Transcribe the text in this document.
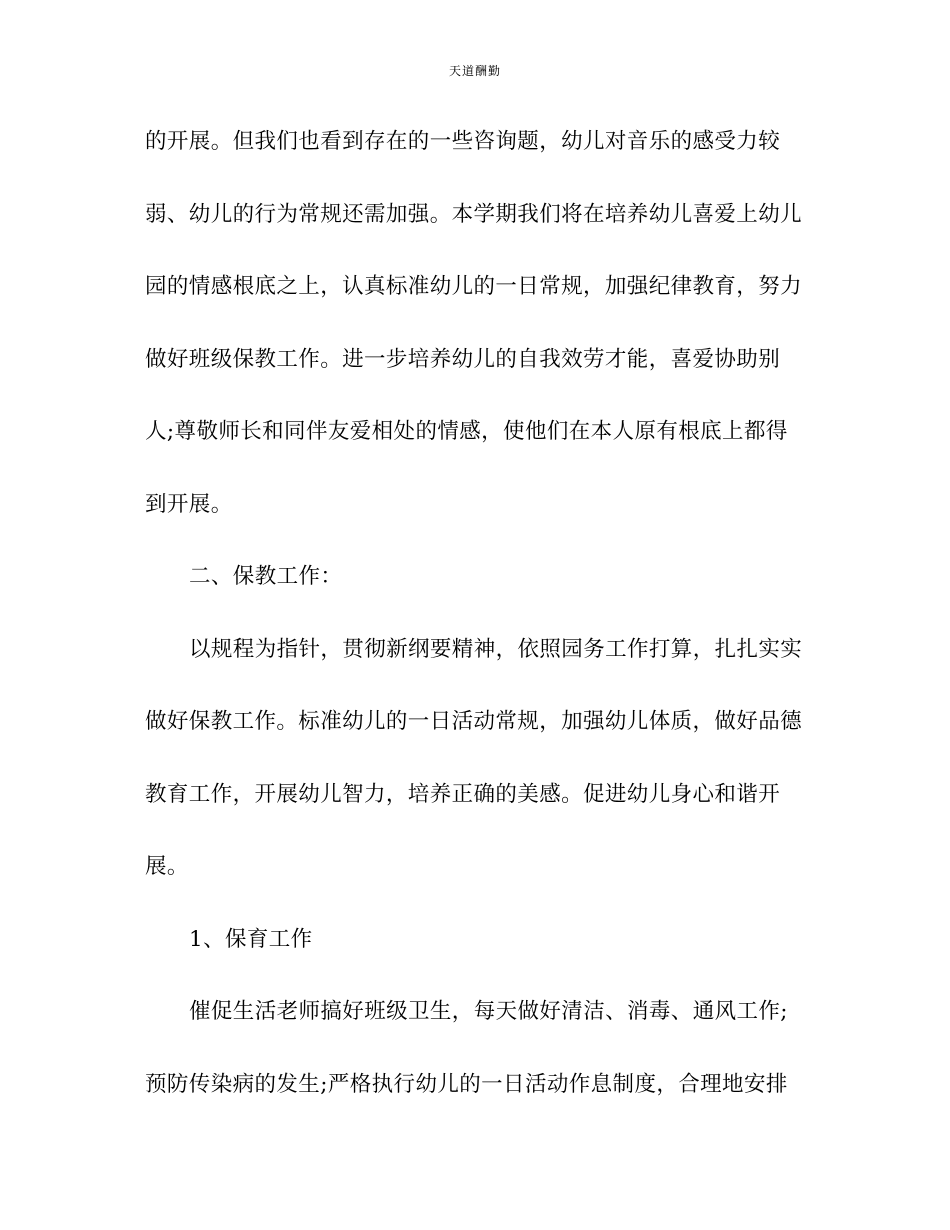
天道酬勤
的开展。但我们也看到存在的一些咨询题，幼儿对音乐的感受力较
弱、幼儿的行为常规还需加强。本学期我们将在培养幼儿喜爱上幼儿
园的情感根底之上，认真标准幼儿的一日常规，加强纪律教育，努力
做好班级保教工作。进一步培养幼儿的自我效劳才能，喜爱协助别
人;尊敬师长和同伴友爱相处的情感，使他们在本人原有根底上都得
到开展。
二、保教工作：
以规程为指针，贯彻新纲要精神，依照园务工作打算，扎扎实实
做好保教工作。标准幼儿的一日活动常规，加强幼儿体质，做好品德
教育工作，开展幼儿智力，培养正确的美感。促进幼儿身心和谐开
展。
1、保育工作
催促生活老师搞好班级卫生，每天做好清洁、消毒、通风工作;
预防传染病的发生;严格执行幼儿的一日活动作息制度，合理地安排
